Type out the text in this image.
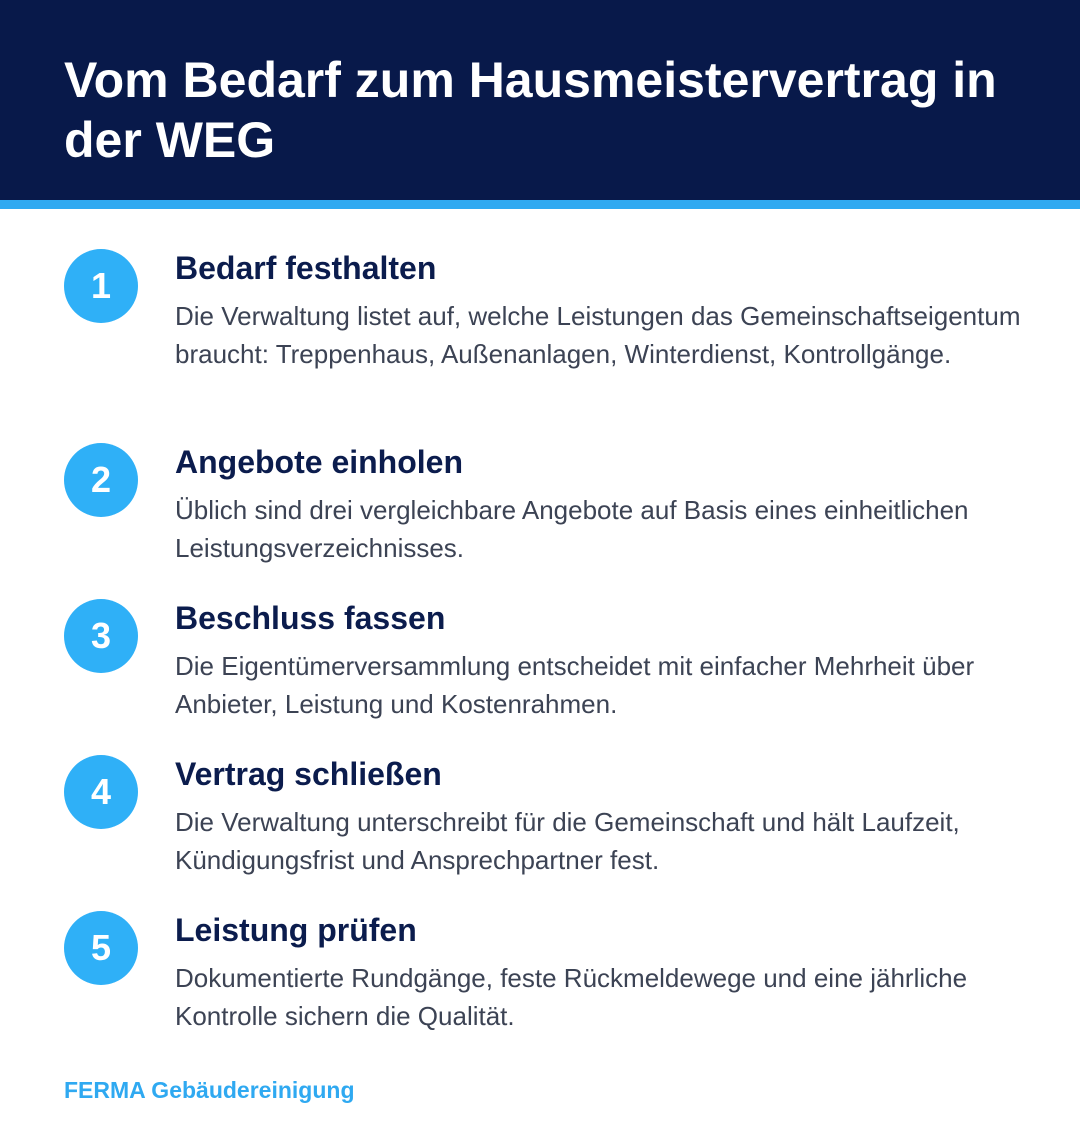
Vom Bedarf zum Hausmeistervertrag in der WEG
1	Bedarf festhalten
Die Verwaltung listet auf, welche Leistungen das Gemeinschaftseigentum braucht: Treppenhaus, Außenanlagen, Winterdienst, Kontrollgänge.
2	Angebote einholen
Üblich sind drei vergleichbare Angebote auf Basis eines einheitlichen Leistungsverzeichnisses.
3	Beschluss fassen
Die Eigentümerversammlung entscheidet mit einfacher Mehrheit über Anbieter, Leistung und Kostenrahmen.
4	Vertrag schließen
Die Verwaltung unterschreibt für die Gemeinschaft und hält Laufzeit, Kündigungsfrist und Ansprechpartner fest.
5	Leistung prüfen
Dokumentierte Rundgänge, feste Rückmeldewege und eine jährliche Kontrolle sichern die Qualität.
FERMA Gebäudereinigung
